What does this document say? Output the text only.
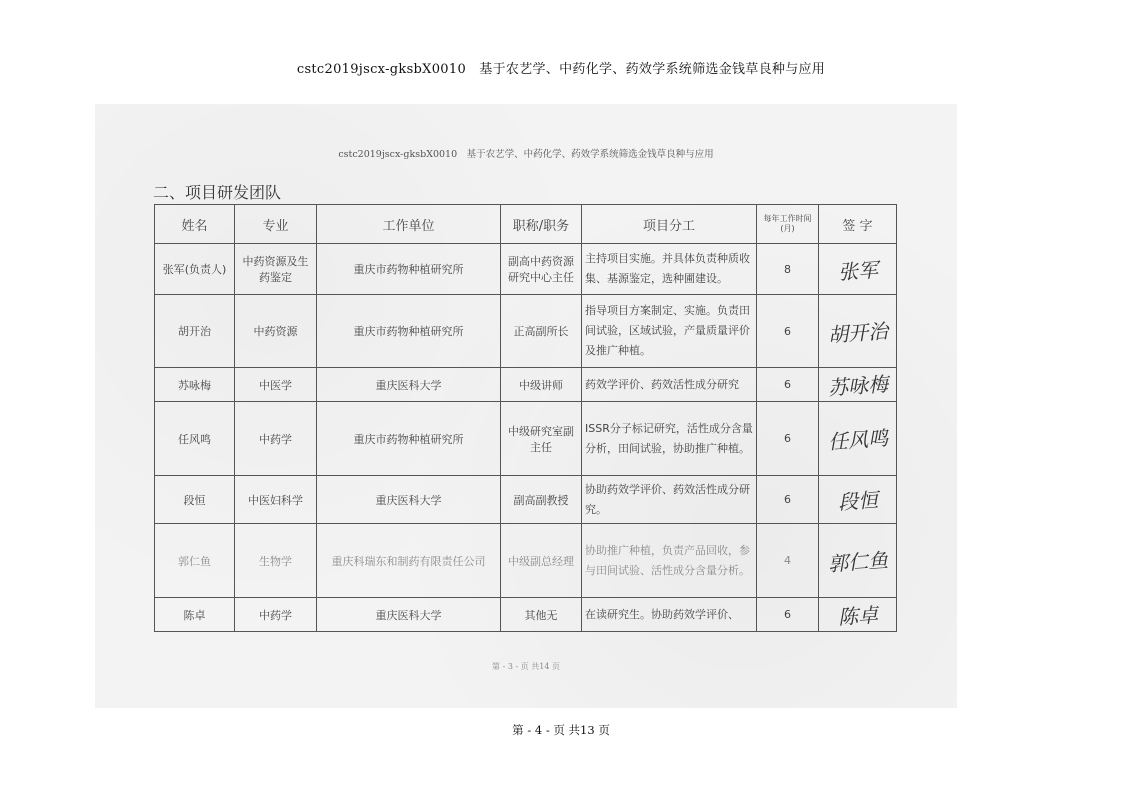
cstc2019jscx-gksbX0010　基于农艺学、中药化学、药效学系统筛选金钱草良种与应用
cstc2019jscx-gksbX0010　基于农艺学、中药化学、药效学系统筛选金钱草良种与应用
二、项目研发团队
姓名	专业	工作单位	职称/职务	项目分工	每年工作时间(月)	签 字
张军(负责人)	中药资源及生药鉴定	重庆市药物种植研究所	副高中药资源研究中心主任	主持项目实施。并具体负责种质收集、基源鉴定，选种圃建设。	8	张军
胡开治	中药资源	重庆市药物种植研究所	正高副所长	指导项目方案制定、实施。负责田间试验，区域试验，产量质量评价及推广种植。	6	胡开治
苏咏梅	中医学	重庆医科大学	中级讲师	药效学评价、药效活性成分研究	6	苏咏梅
任风鸣	中药学	重庆市药物种植研究所	中级研究室副主任	ISSR分子标记研究，活性成分含量分析，田间试验，协助推广种植。	6	任风鸣
段恒	中医妇科学	重庆医科大学	副高副教授	协助药效学评价、药效活性成分研究。	6	段恒
郭仁鱼	生物学	重庆科瑞东和制药有限责任公司	中级副总经理	协助推广种植，负责产品回收，参与田间试验、活性成分含量分析。	4	郭仁鱼
陈卓	中药学	重庆医科大学	其他无	在读研究生。协助药效学评价、	6	陈卓
第 - 3 - 页 共14 页
第 - 4 - 页 共13 页
